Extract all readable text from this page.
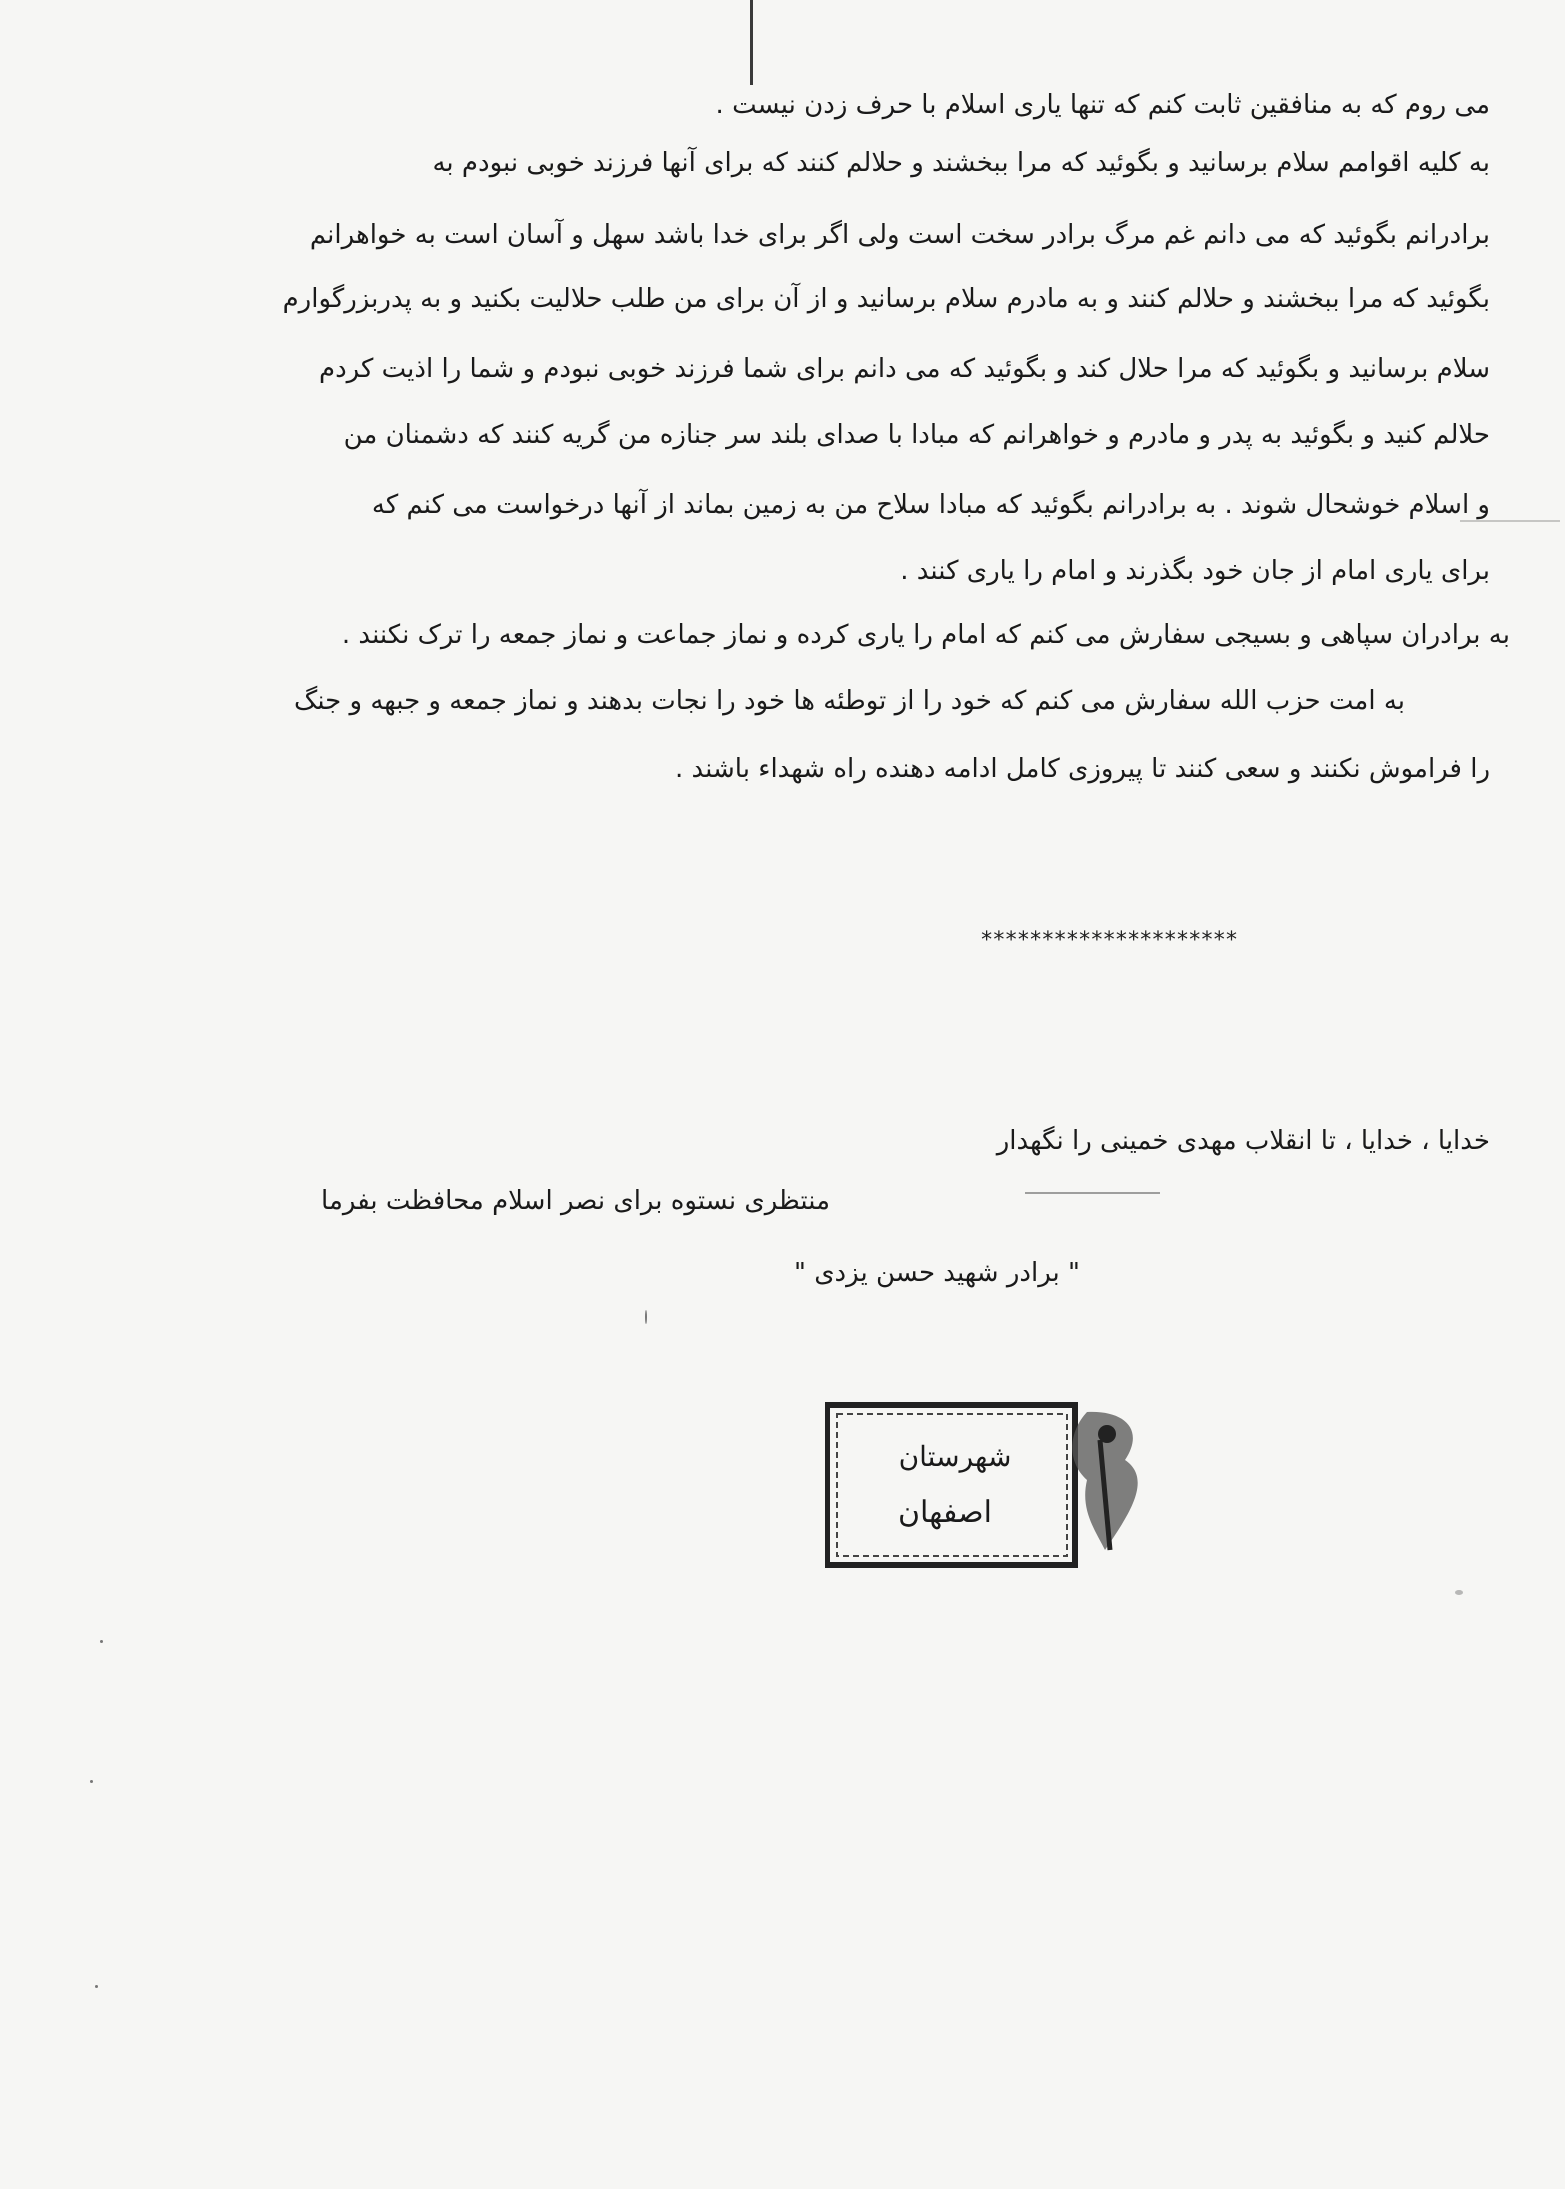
می روم که به منافقین ثابت کنم که تنها یاری اسلام با حرف زدن نیست .
به کلیه اقوامم سلام برسانید و بگوئید که مرا ببخشند و حلالم کنند که برای آنها فرزند خوبی نبودم به
برادرانم بگوئید که می دانم غم مرگ برادر سخت است ولی اگر برای خدا باشد سهل و آسان است به خواهرانم
بگوئید که مرا ببخشند و حلالم کنند و به مادرم سلام برسانید و از آن برای من طلب حلالیت بکنید و به پدربزرگوارم
سلام برسانید و بگوئید که مرا حلال کند و بگوئید که می دانم برای شما فرزند خوبی نبودم و شما را اذیت کردم
حلالم کنید و بگوئید به پدر و مادرم و خواهرانم که مبادا با صدای بلند سر جنازه من گریه کنند که دشمنان من
و اسلام خوشحال شوند . به برادرانم بگوئید که مبادا سلاح من به زمین بماند از آنها درخواست می کنم که
برای یاری امام از جان خود بگذرند و امام را یاری کنند .
به برادران سپاهی و بسیجی سفارش می کنم که امام را یاری کرده و نماز جماعت و نماز جمعه را ترک نکنند .
به امت حزب الله سفارش می کنم که خود را از توطئه ها خود را نجات بدهند و نماز جمعه و جبهه و جنگ
را فراموش نکنند و سعی کنند تا پیروزی کامل ادامه دهنده راه شهداء باشند .
*********************
خدایا ، خدایا ، تا انقلاب مهدی خمینی را نگهدار
منتظری نستوه برای نصر اسلام محافظت بفرما
" برادر شهید حسن یزدی "
شهرستان
اصفهان
